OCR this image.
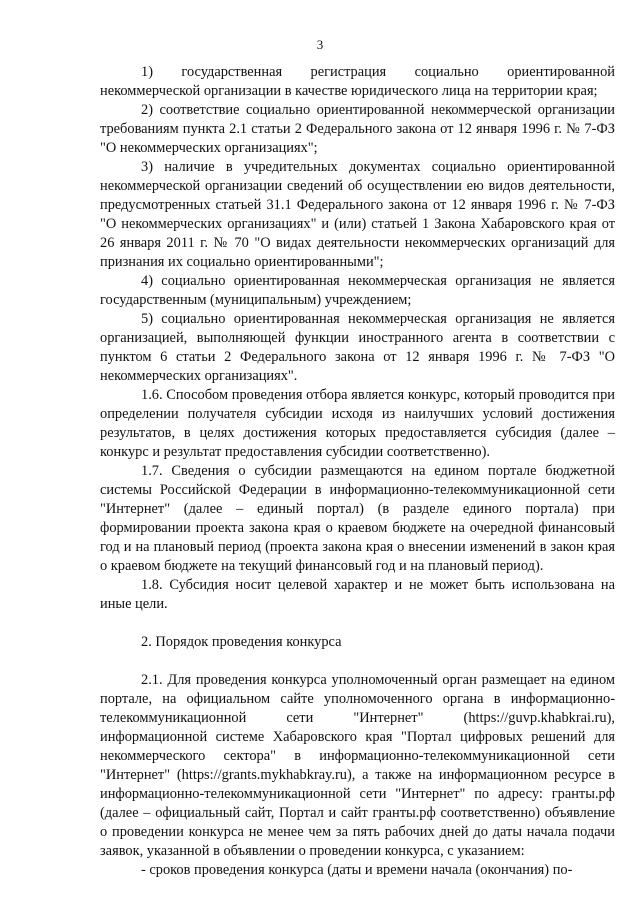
3

1) государственная регистрация социально ориентированной некоммерческой организации в качестве юридического лица на территории края;

2) соответствие социально ориентированной некоммерческой организации требованиям пункта 2.1 статьи 2 Федерального закона от 12 января 1996 г. № 7-ФЗ "О некоммерческих организациях";

3) наличие в учредительных документах социально ориентированной некоммерческой организации сведений об осуществлении ею видов деятельности, предусмотренных статьей 31.1 Федерального закона от 12 января 1996 г. № 7-ФЗ "О некоммерческих организациях" и (или) статьей 1 Закона Хабаровского края от 26 января 2011 г. № 70 "О видах деятельности некоммерческих организаций для признания их социально ориентированными";

4) социально ориентированная некоммерческая организация не является государственным (муниципальным) учреждением;

5) социально ориентированная некоммерческая организация не является организацией, выполняющей функции иностранного агента в соответствии с пунктом 6 статьи 2 Федерального закона от 12 января 1996 г. № 7-ФЗ "О некоммерческих организациях".

1.6. Способом проведения отбора является конкурс, который проводится при определении получателя субсидии исходя из наилучших условий достижения результатов, в целях достижения которых предоставляется субсидия (далее – конкурс и результат предоставления субсидии соответственно).

1.7. Сведения о субсидии размещаются на едином портале бюджетной системы Российской Федерации в информационно-телекоммуникационной сети "Интернет" (далее – единый портал) (в разделе единого портала) при формировании проекта закона края о краевом бюджете на очередной финансовый год и на плановый период (проекта закона края о внесении изменений в закон края о краевом бюджете на текущий финансовый год и на плановый период).

1.8. Субсидия носит целевой характер и не может быть использована на иные цели.

2. Порядок проведения конкурса

2.1. Для проведения конкурса уполномоченный орган размещает на едином портале, на официальном сайте уполномоченного органа в информационно-телекоммуникационной сети "Интернет" (https://guvp.khabkrai.ru), информационной системе Хабаровского края "Портал цифровых решений для некоммерческого сектора" в информационно-телекоммуникационной сети "Интернет" (https://grants.mykhabkray.ru), а также на информационном ресурсе в информационно-телекоммуникационной сети "Интернет" по адресу: гранты.рф (далее – официальный сайт, Портал и сайт гранты.рф соответственно) объявление о проведении конкурса не менее чем за пять рабочих дней до даты начала подачи заявок, указанной в объявлении о проведении конкурса, с указанием:

- сроков проведения конкурса (даты и времени начала (окончания) по-
